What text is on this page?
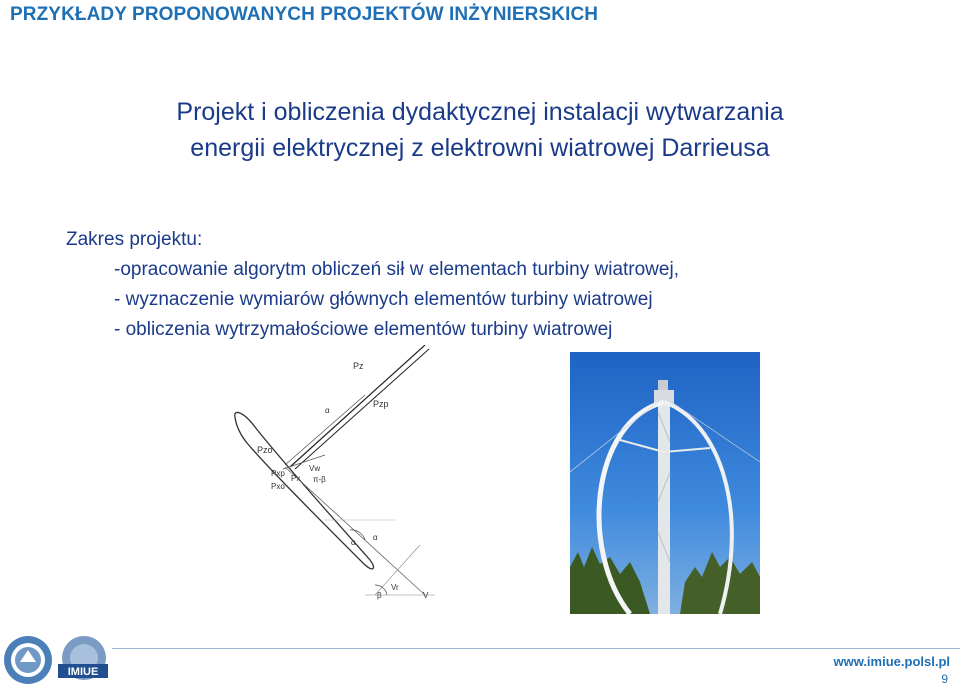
PRZYKŁADY PROPONOWANYCH PROJEKTÓW INŻYNIERSKICH
Projekt i obliczenia dydaktycznej instalacji wytwarzania
energii elektrycznej z elektrowni wiatrowej Darrieusa
Zakres projektu:
-opracowanie algorytm obliczeń sił w elementach turbiny wiatrowej,
- wyznaczenie wymiarów głównych elementów turbiny wiatrowej
- obliczenia wytrzymałościowe elementów turbiny wiatrowej
Pz
Pzp
α
Pzo
Pxp
Pxo
Px
Vw
π-β
α
α
Vr
β	V
IMIUE
www.imiue.polsl.pl
9
